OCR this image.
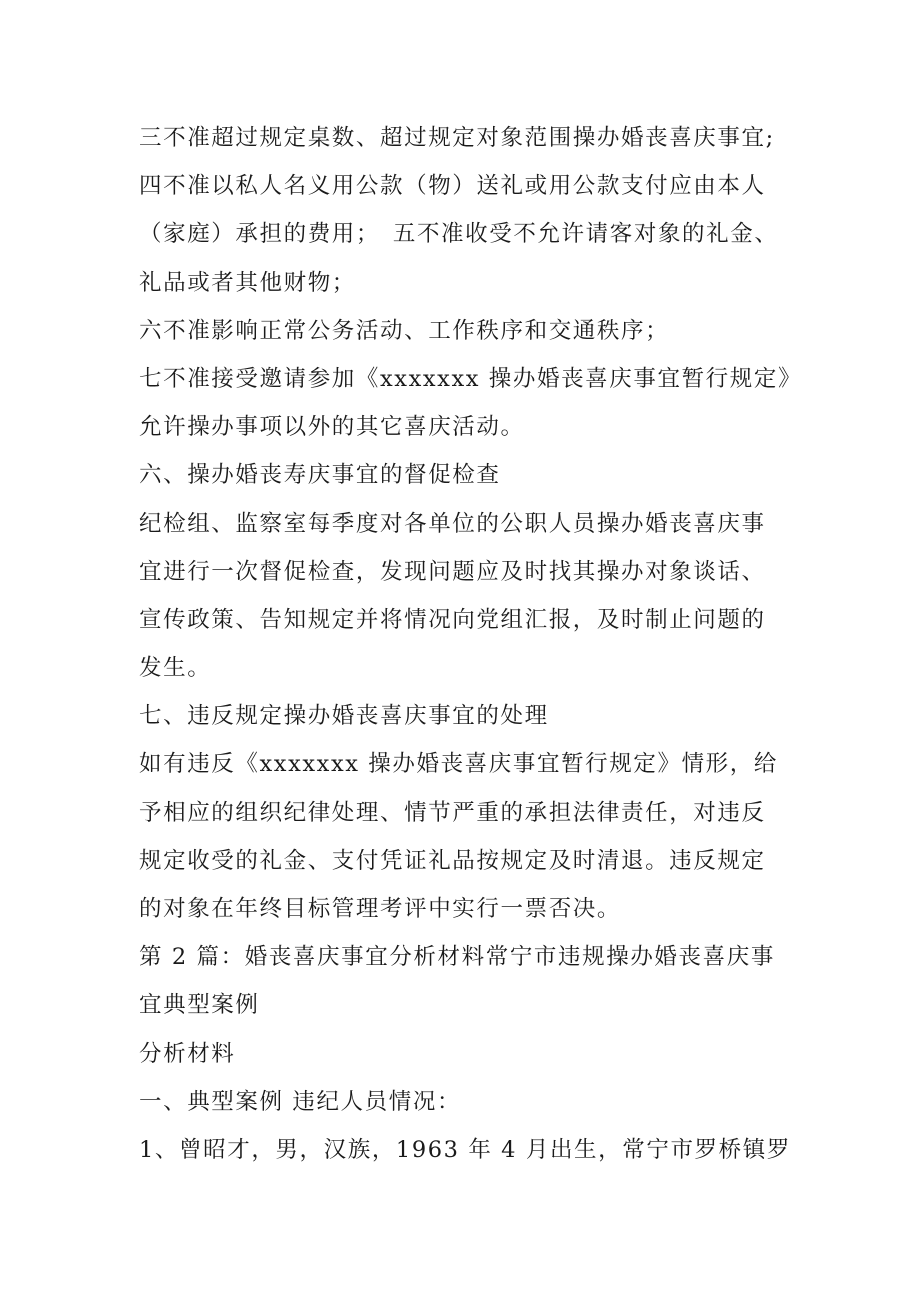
三不准超过规定桌数、超过规定对象范围操办婚丧喜庆事宜;
四不准以私人名义用公款（物）送礼或用公款支付应由本人
（家庭）承担的费用；　五不准收受不允许请客对象的礼金、
礼品或者其他财物；
六不准影响正常公务活动、工作秩序和交通秩序；
七不准接受邀请参加《xxxxxxx 操办婚丧喜庆事宜暂行规定》
允许操办事项以外的其它喜庆活动。
六、操办婚丧寿庆事宜的督促检查
纪检组、监察室每季度对各单位的公职人员操办婚丧喜庆事
宜进行一次督促检查，发现问题应及时找其操办对象谈话、
宣传政策、告知规定并将情况向党组汇报，及时制止问题的
发生。
七、违反规定操办婚丧喜庆事宜的处理
如有违反《xxxxxxx 操办婚丧喜庆事宜暂行规定》情形，给
予相应的组织纪律处理、情节严重的承担法律责任，对违反
规定收受的礼金、支付凭证礼品按规定及时清退。违反规定
的对象在年终目标管理考评中实行一票否决。
第 2 篇：婚丧喜庆事宜分析材料常宁市违规操办婚丧喜庆事
宜典型案例
分析材料
一、典型案例 违纪人员情况：
1、曾昭才，男，汉族，1963 年 4 月出生，常宁市罗桥镇罗
